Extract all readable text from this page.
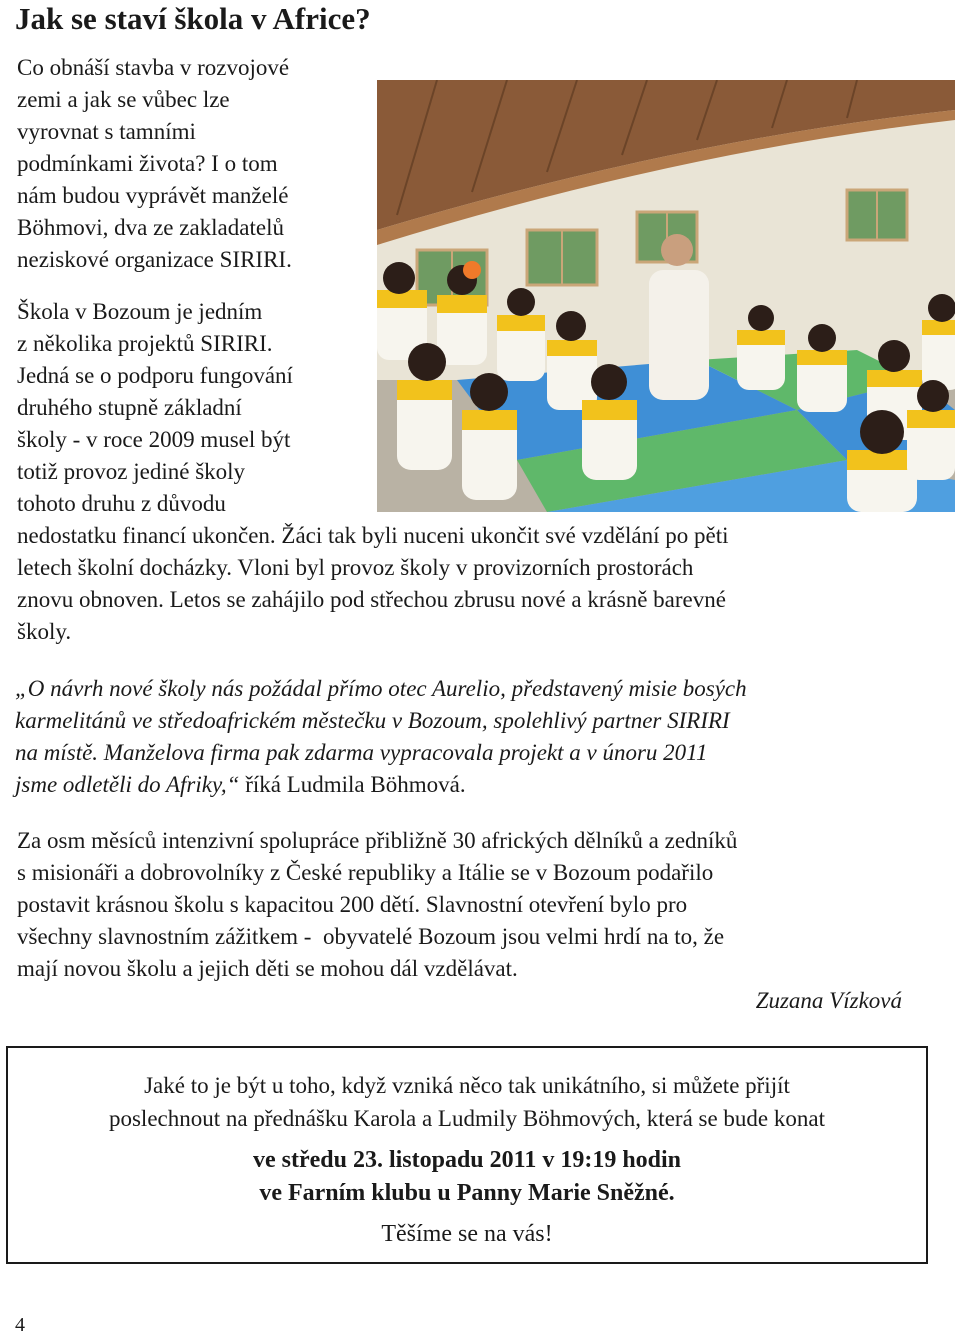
Jak se staví škola v Africe?

Co obnáší stavba v rozvojové
zemi a jak se vůbec lze
vyrovnat s tamními
podmínkami života? I o tom
nám budou vyprávět manželé
Böhmovi, dva ze zakladatelů
neziskové organizace SIRIRI.

Škola v Bozoum je jedním
z několika projektů SIRIRI.
Jedná se o podporu fungování
druhého stupně základní
školy - v roce 2009 musel být
totiž provoz jediné školy
tohoto druhu z důvodu
nedostatku financí ukončen. Žáci tak byli nuceni ukončit své vzdělání po pěti
letech školní docházky. Vloni byl provoz školy v provizorních prostorách
znovu obnoven. Letos se zahájilo pod střechou zbrusu nové a krásně barevné
školy.

„O návrh nové školy nás požádal přímo otec Aurelio, představený misie bosých
karmelitánů ve středoafrickém městečku v Bozoum, spolehlivý partner SIRIRI
na místě. Manželova firma pak zdarma vypracovala projekt a v únoru 2011
jsme odletěli do Afriky,“ říká Ludmila Böhmová.

Za osm měsíců intenzivní spolupráce přibližně 30 afrických dělníků a zedníků
s misionáři a dobrovolníky z České republiky a Itálie se v Bozoum podařilo
postavit krásnou školu s kapacitou 200 dětí. Slavnostní otevření bylo pro
všechny slavnostním zážitkem -  obyvatelé Bozoum jsou velmi hrdí na to, že
mají novou školu a jejich děti se mohou dál vzdělávat.

Zuzana Vízková
Jaké to je být u toho, když vzniká něco tak unikátního, si můžete přijít
poslechnout na přednášku Karola a Ludmily Böhmových, která se bude konat
ve středu 23. listopadu 2011 v 19:19 hodin
ve Farním klubu u Panny Marie Sněžné.
Těšíme se na vás!
4
